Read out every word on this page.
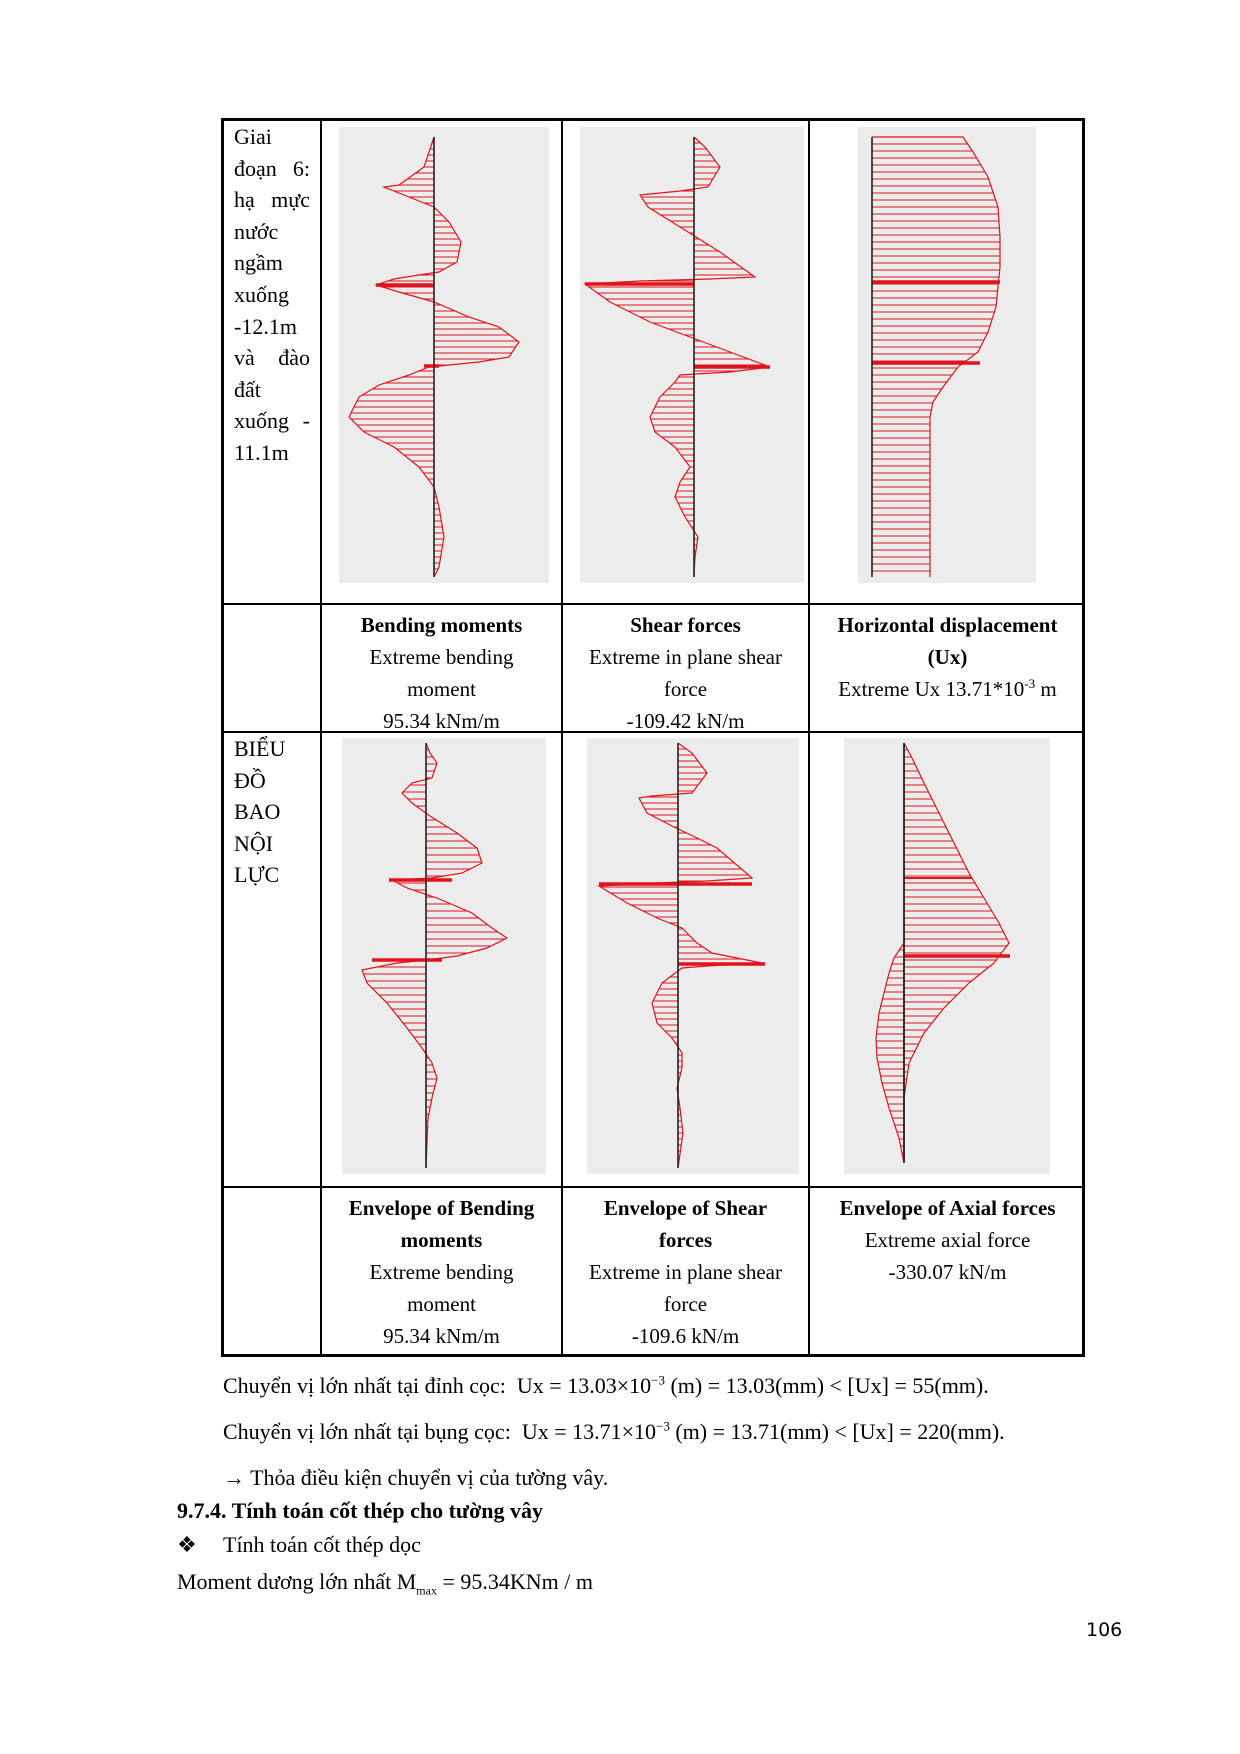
Giai
đoạn 6:
hạ mực
nước
ngầm
xuống
-12.1m
và đào
đất
xuống -
11.1m
Bending moments
Extreme bending
moment
95.34 kNm/m
Shear forces
Extreme in plane shear
force
-109.42 kN/m
Horizontal displacement
(Ux)
Extreme Ux $13.71*10^{-3}$ m
BIỂU
ĐỒ
BAO
NỘI
LỰC
Envelope of Bending
moments
Extreme bending
moment
95.34 kNm/m
Envelope of Shear
forces
Extreme in plane shear
force
-109.6 kN/m
Envelope of Axial forces
Extreme axial force
-330.07 kN/m
Chuyển vị lớn nhất tại đỉnh cọc: $Ux = 13.03\times 10^{-3}$ (m) = 13.03(mm) < [Ux] = 55(mm).
Chuyển vị lớn nhất tại bụng cọc: $Ux = 13.71\times 10^{-3}$ (m) = 13.71(mm) < [Ux] = 220(mm).
→ Thỏa điều kiện chuyển vị của tường vây.
9.7.4. Tính toán cốt thép cho tường vây
❖ Tính toán cốt thép dọc
Moment dương lớn nhất $M_{max} = 95.34KNm / m$
106
